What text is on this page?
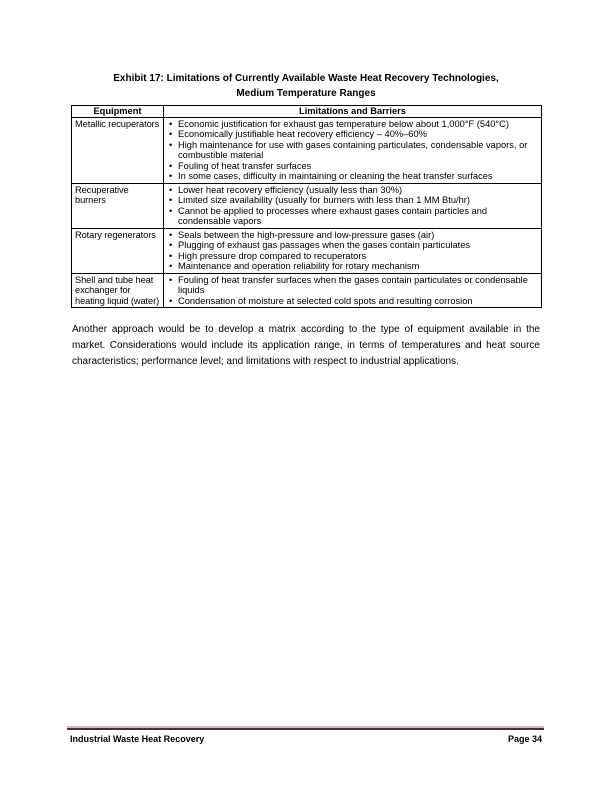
Exhibit 17: Limitations of Currently Available Waste Heat Recovery Technologies,
Medium Temperature Ranges
Equipment	Limitations and Barriers
Metallic recuperators	• Economic justification for exhaust gas temperature below about 1,000°F (540°C)
• Economically justifiable heat recovery efficiency – 40%–60%
• High maintenance for use with gases containing particulates, condensable vapors, or combustible material
• Fouling of heat transfer surfaces
• In some cases, difficulty in maintaining or cleaning the heat transfer surfaces

Recuperative burners	• Lower heat recovery efficiency (usually less than 30%)
• Limited size availability (usually for burners with less than 1 MM Btu/hr)
• Cannot be applied to processes where exhaust gases contain particles and condensable vapors

Rotary regenerators	• Seals between the high-pressure and low-pressure gases (air)
• Plugging of exhaust gas passages when the gases contain particulates
• High pressure drop compared to recuperators
• Maintenance and operation reliability for rotary mechanism

Shell and tube heat exchanger for heating liquid (water)	• Fouling of heat transfer surfaces when the gases contain particulates or condensable liquids
• Condensation of moisture at selected cold spots and resulting corrosion

Another approach would be to develop a matrix according to the type of equipment available in the market. Considerations would include its application range, in terms of temperatures and heat source characteristics; performance level; and limitations with respect to industrial applications.

Industrial Waste Heat Recovery	Page 34
